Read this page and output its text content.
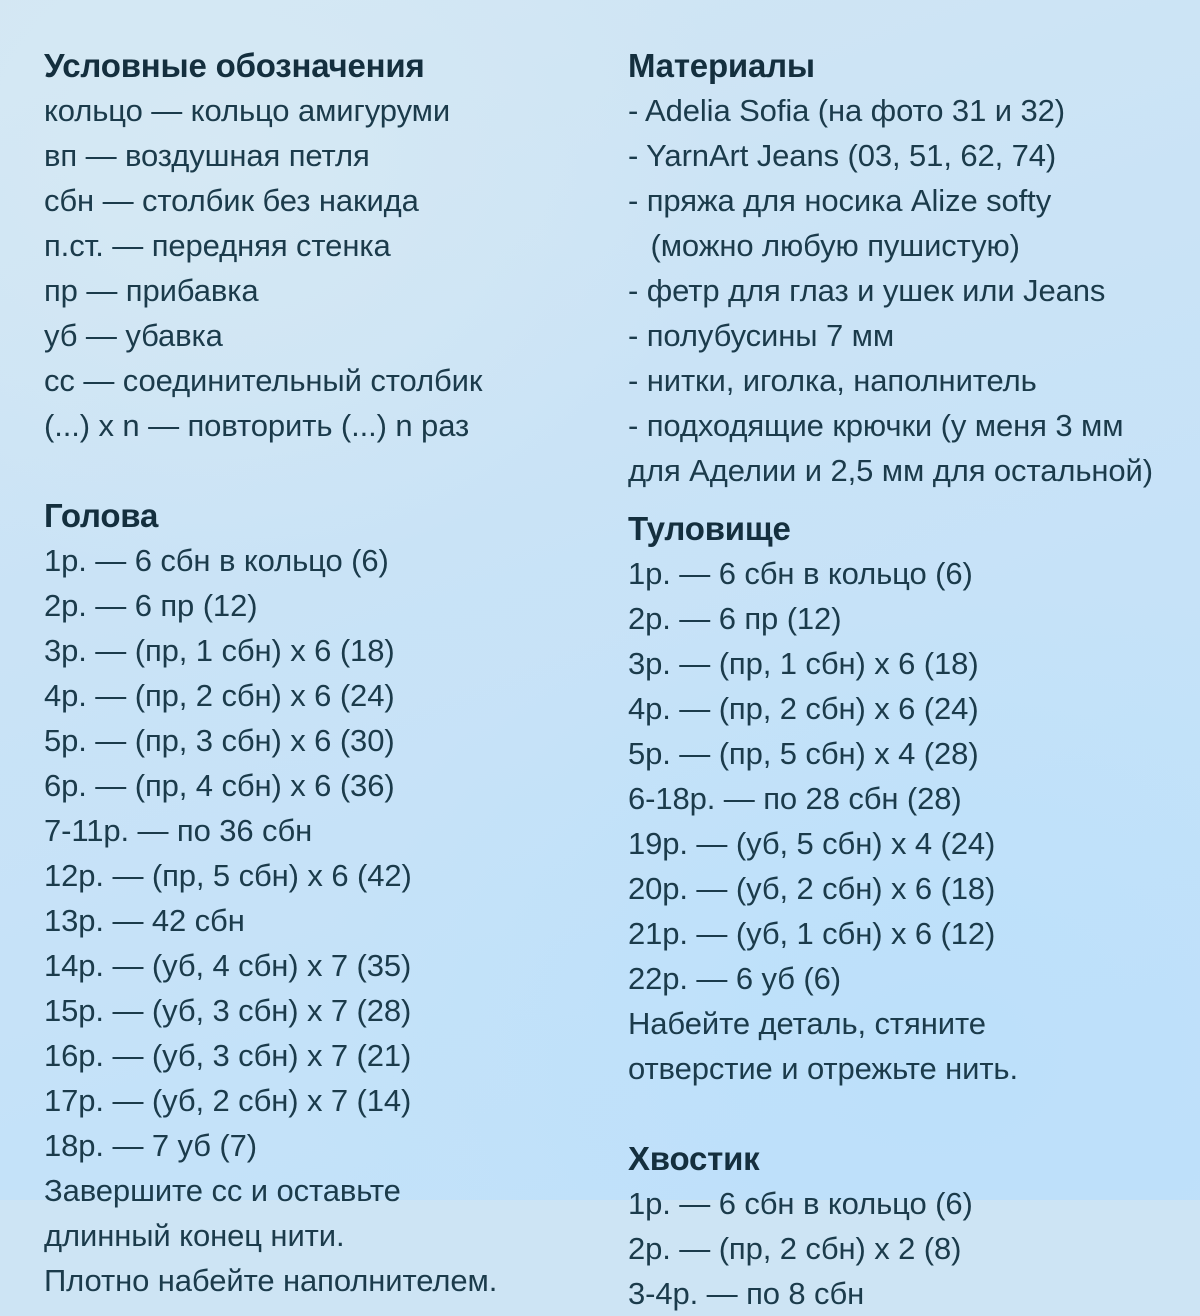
Условные обозначения
кольцо — кольцо амигуруми
вп — воздушная петля
сбн — столбик без накида
п.ст. — передняя стенка
пр — прибавка
уб — убавка
сс — соединительный столбик
(...) х n — повторить (...) n раз
Голова
1р. — 6 сбн в кольцо (6)
2р. — 6 пр (12)
3р. — (пр, 1 сбн) х 6 (18)
4р. — (пр, 2 сбн) х 6 (24)
5р. — (пр, 3 сбн) х 6 (30)
6р. — (пр, 4 сбн) х 6 (36)
7-11р. — по 36 сбн
12р. — (пр, 5 сбн) х 6 (42)
13р. — 42 сбн
14р. — (уб, 4 сбн) х 7 (35)
15р. — (уб, 3 сбн) х 7 (28)
16р. — (уб, 3 сбн) х 7 (21)
17р. — (уб, 2 сбн) х 7 (14)
18р. — 7 уб (7)
Завершите сс и оставьте
длинный конец нити.
Плотно набейте наполнителем.
Материалы
- Adelia Sofia (на фото 31 и 32)
- YarnArt Jeans (03, 51, 62, 74)
- пряжа для носика Alize softy
(можно любую пушистую)
- фетр для глаз и ушек или Jeans
- полубусины 7 мм
- нитки, иголка, наполнитель
- подходящие крючки (у меня 3 мм
для Аделии и 2,5 мм для остальной)
Туловище
1р. — 6 сбн в кольцо (6)
2р. — 6 пр (12)
3р. — (пр, 1 сбн) х 6 (18)
4р. — (пр, 2 сбн) х 6 (24)
5р. — (пр, 5 сбн) х 4 (28)
6-18р. — по 28 сбн (28)
19р. — (уб, 5 сбн) х 4 (24)
20р. — (уб, 2 сбн) х 6 (18)
21р. — (уб, 1 сбн) х 6 (12)
22р. — 6 уб (6)
Набейте деталь, стяните
отверстие и отрежьте нить.
Хвостик
1р. — 6 сбн в кольцо (6)
2р. — (пр, 2 сбн) х 2 (8)
3-4р. — по 8 сбн
